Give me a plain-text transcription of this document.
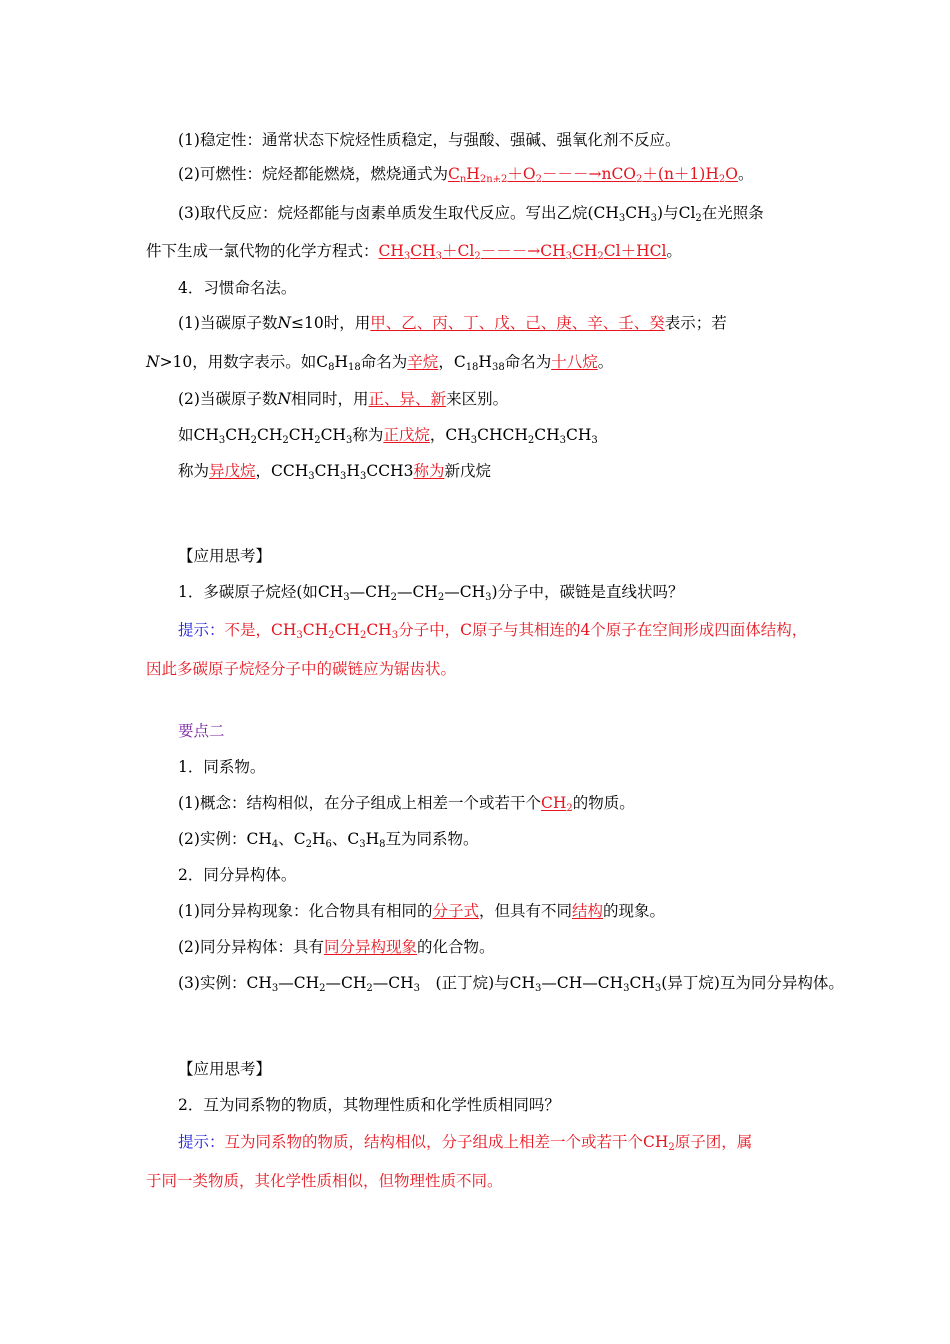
(1)稳定性：通常状态下烷烃性质稳定，与强酸、强碱、强氧化剂不反应。
(2)可燃性：烷烃都能燃烧，燃烧通式为$C_nH_{2n+2}+O_2---\to nCO_2+(n+1)H_2O$。
(3)取代反应：烷烃都能与卤素单质发生取代反应。写出乙烷$(CH_3CH_3)$与$Cl_2$在光照条
件下生成一氯代物的化学方程式：$CH_3CH_3+Cl_2---\to CH_3CH_2Cl+HCl$。
4．习惯命名法。
(1)当碳原子数N≤10时，用甲、乙、丙、丁、戊、己、庚、辛、壬、癸表示；若
N>10，用数字表示。如$C_8H_{18}$命名为辛烷，$C_{18}H_{38}$命名为十八烷。
(2)当碳原子数N相同时，用正、异、新来区别。
如$CH_3CH_2CH_2CH_2CH_3$称为正戊烷，$CH_3CHCH_2CH_3CH_3$
称为异戊烷，$CCH_3CH_3H_3CCH3$称为新戊烷
【应用思考】
1．多碳原子烷烃(如$CH_3—CH_2—CH_2—CH_3$)分子中，碳链是直线状吗？
提示：不是，$CH_3CH_2CH_2CH_3$分子中，C原子与其相连的4个原子在空间形成四面体结构，
因此多碳原子烷烃分子中的碳链应为锯齿状。
要点二
1．同系物。
(1)概念：结构相似，在分子组成上相差一个或若干个$CH_2$的物质。
(2)实例：$CH_4$、$C_2H_6$、$C_3H_8$互为同系物。
2．同分异构体。
(1)同分异构现象：化合物具有相同的分子式，但具有不同结构的现象。
(2)同分异构体：具有同分异构现象的化合物。
(3)实例：$CH_3—CH_2—CH_2—CH_3$　(正丁烷)与$CH_3—CH—CH_3CH_3$(异丁烷)互为同分异构体。
【应用思考】
2．互为同系物的物质，其物理性质和化学性质相同吗？
提示：互为同系物的物质，结构相似，分子组成上相差一个或若干个$CH_2$原子团，属
于同一类物质，其化学性质相似，但物理性质不同。
